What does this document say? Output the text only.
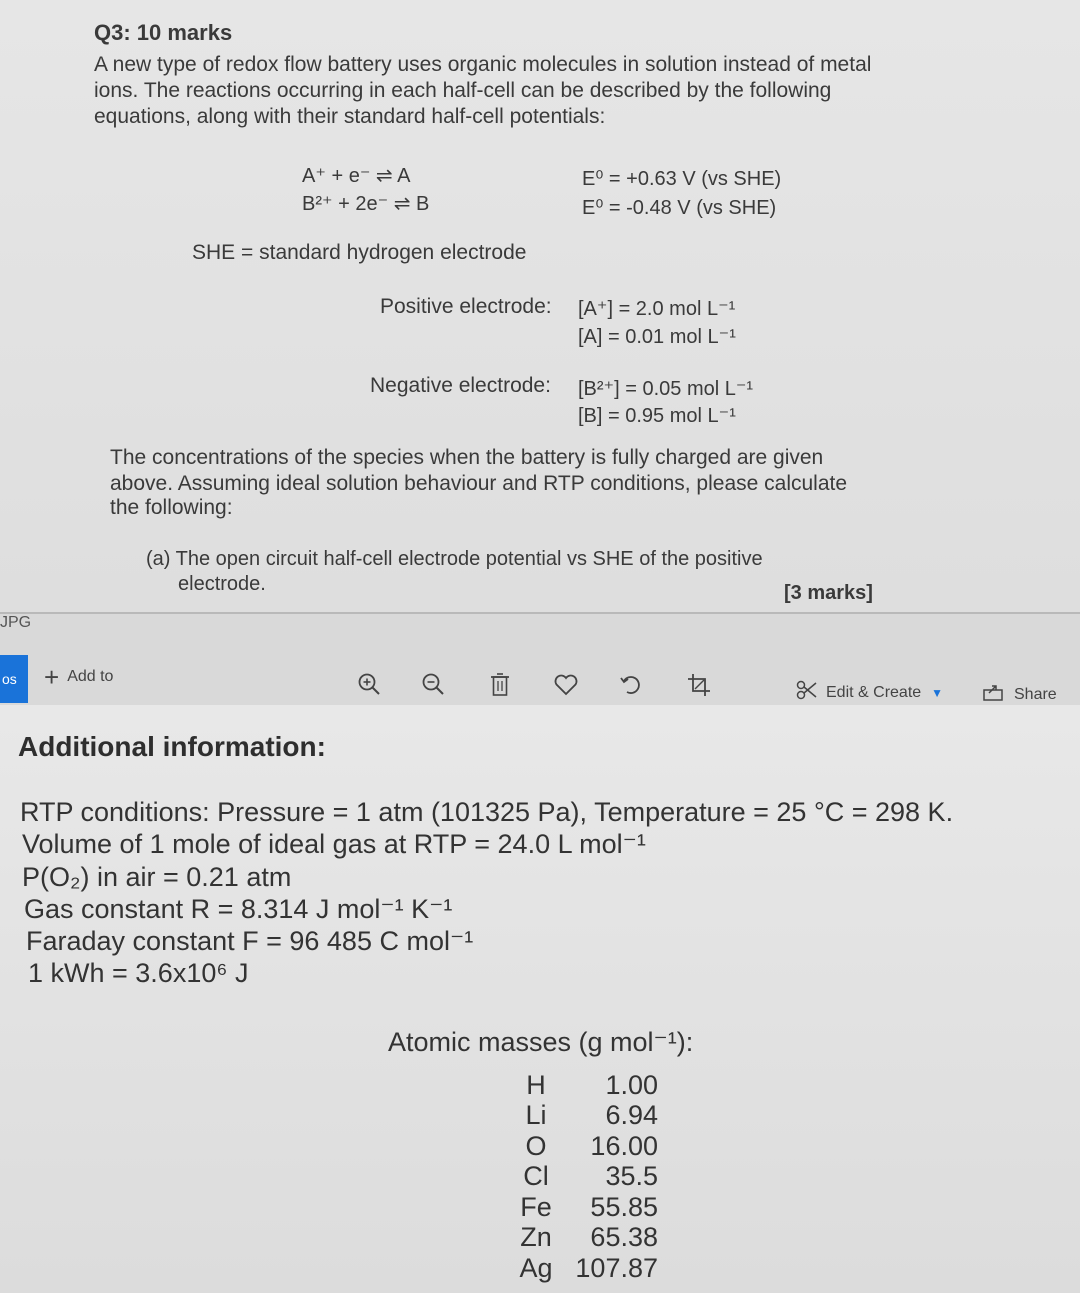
Q3: 10 marks
A new type of redox flow battery uses organic molecules in solution instead of metal ions. The reactions occurring in each half-cell can be described by the following equations, along with their standard half-cell potentials:
A⁺ + e⁻ ⇌ A	E⁰ = +0.63 V (vs SHE)
B²⁺ + 2e⁻ ⇌ B	E⁰ = -0.48 V (vs SHE)
SHE = standard hydrogen electrode
Positive electrode: [A⁺] = 2.0 mol L⁻¹
[A] = 0.01 mol L⁻¹
Negative electrode: [B²⁺] = 0.05 mol L⁻¹
[B] = 0.95 mol L⁻¹
The concentrations of the species when the battery is fully charged are given
above. Assuming ideal solution behaviour and RTP conditions, please calculate
the following:
(a) The open circuit half-cell electrode potential vs SHE of the positive
electrode.	[3 marks]
JPG
os	+ Add to
Edit & Create ▼	Share
Additional information:
RTP conditions: Pressure = 1 atm (101325 Pa), Temperature = 25 °C = 298 K.
Volume of 1 mole of ideal gas at RTP = 24.0 L mol⁻¹
P(O₂) in air = 0.21 atm
Gas constant R = 8.314 J mol⁻¹ K⁻¹
Faraday constant F = 96 485 C mol⁻¹
1 kWh = 3.6x10⁶ J
Atomic masses (g mol⁻¹):
H	1.00
Li	6.94
O	16.00
Cl	35.5
Fe	55.85
Zn	65.38
Ag 107.87
